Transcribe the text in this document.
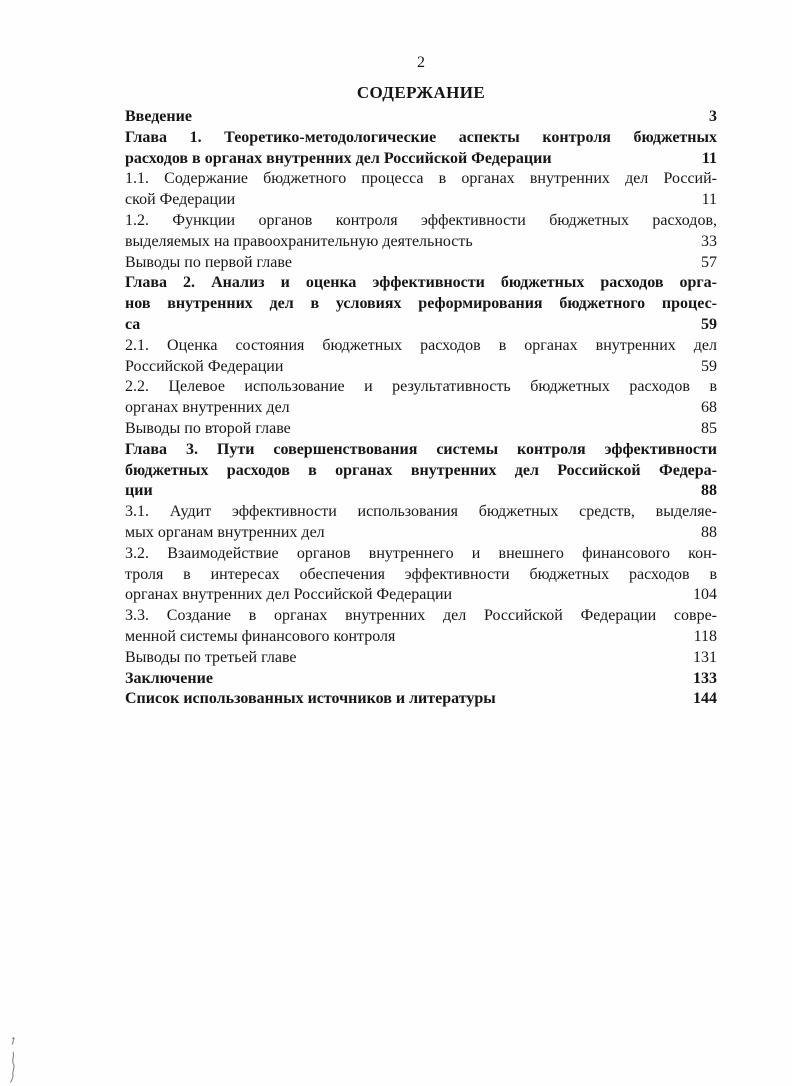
2
СОДЕРЖАНИЕ
Введение	3
Глава 1. Теоретико-методологические аспекты контроля бюджетных
расходов в органах внутренних дел Российской Федерации	11
1.1. Содержание бюджетного процесса в органах внутренних дел Россий-
ской Федерации	11
1.2. Функции органов контроля эффективности бюджетных расходов,
выделяемых на правоохранительную деятельность	33
Выводы по первой главе	57
Глава 2. Анализ и оценка эффективности бюджетных расходов орга-
нов внутренних дел в условиях реформирования бюджетного процес-
са	59
2.1. Оценка состояния бюджетных расходов в органах внутренних дел
Российской Федерации	59
2.2. Целевое использование и результативность бюджетных расходов в
органах внутренних дел	68
Выводы по второй главе	85
Глава 3. Пути совершенствования системы контроля эффективности
бюджетных расходов в органах внутренних дел Российской Федера-
ции	88
3.1. Аудит эффективности использования бюджетных средств, выделяе-
мых органам внутренних дел	88
3.2. Взаимодействие органов внутреннего и внешнего финансового кон-
троля в интересах обеспечения эффективности бюджетных расходов в
органах внутренних дел Российской Федерации	104
3.3. Создание в органах внутренних дел Российской Федерации совре-
менной системы финансового контроля	118
Выводы по третьей главе	131
Заключение	133
Список использованных источников и литературы	144
